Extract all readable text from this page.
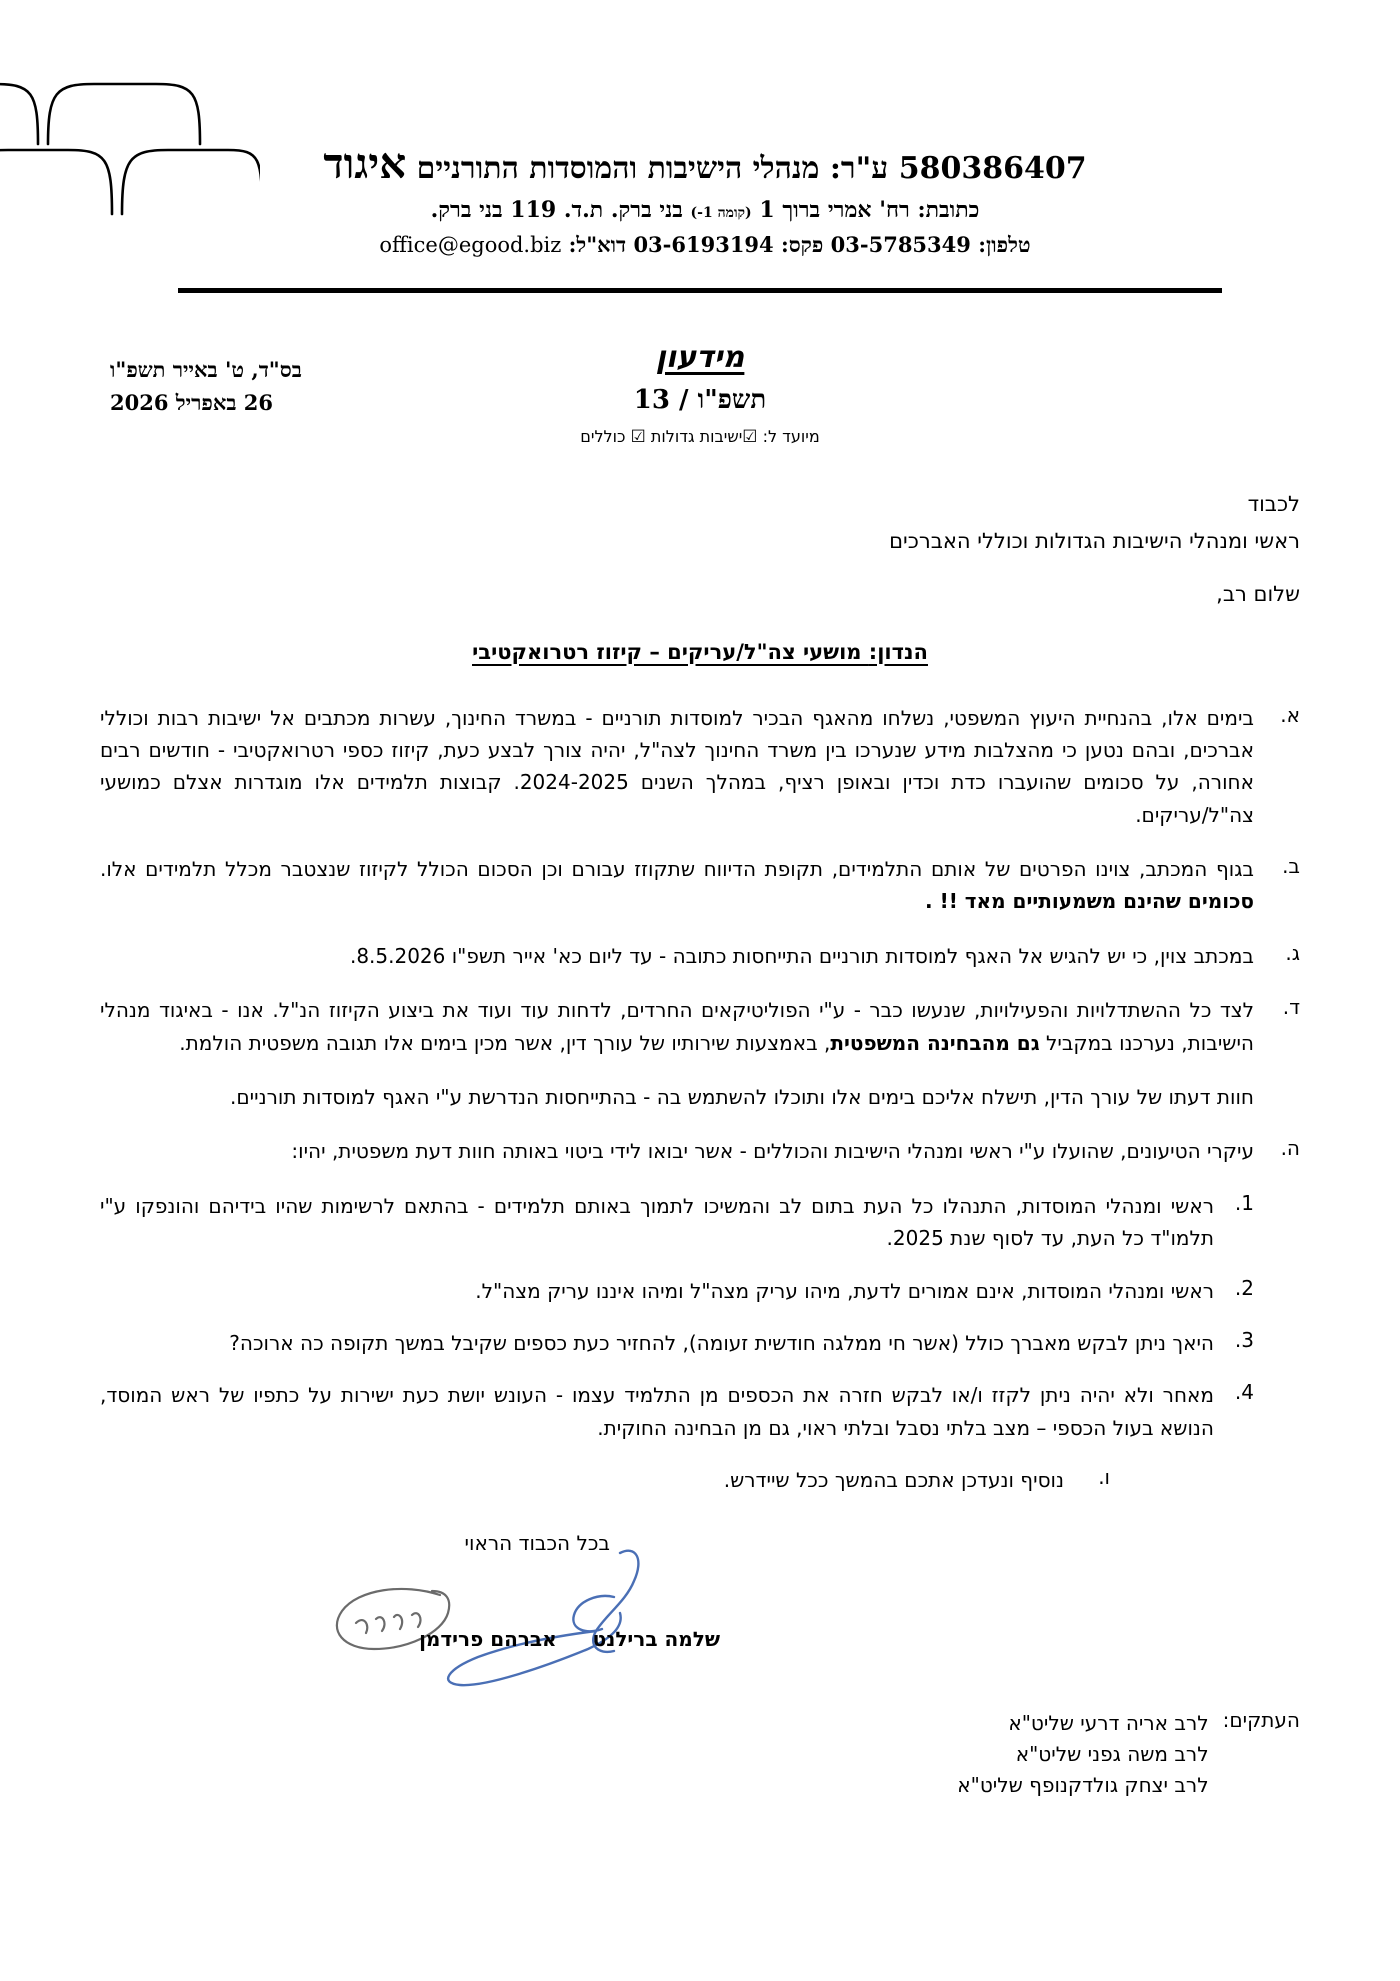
580386407 ע"ר: מנהלי הישיבות והמוסדות התורניים איגוד
כתובת: רח' אמרי ברוך 1 (קומה 1-) בני ברק. ת.ד. 119 בני ברק.
טלפון: 03-5785349 פקס: 03-6193194 דוא"ל: office@egood.biz
בס"ד, ט' באייר תשפ"ו
26 באפריל 2026
מידעון
תשפ"ו / 13
מיועד ל: ☑ישיבות גדולות ☑ כוללים
לכבוד
ראשי ומנהלי הישיבות הגדולות וכוללי האברכים
שלום רב,
הנדון: מושעי צה"ל/עריקים – קיזוז רטרואקטיבי
א.
בימים אלו, בהנחיית היעוץ המשפטי, נשלחו מהאגף הבכיר למוסדות תורניים - במשרד החינוך, עשרות מכתבים אל ישיבות רבות וכוללי אברכים, ובהם נטען כי מהצלבות מידע שנערכו בין משרד החינוך לצה"ל, יהיה צורך לבצע כעת, קיזוז כספי רטרואקטיבי - חודשים רבים אחורה, על סכומים שהועברו כדת וכדין ובאופן רציף, במהלך השנים 2024-2025. קבוצות תלמידים אלו מוגדרות אצלם כמושעי צה"ל/עריקים.
ב.
בגוף המכתב, צוינו הפרטים של אותם התלמידים, תקופת הדיווח שתקוזז עבורם וכן הסכום הכולל לקיזוז שנצטבר מכלל תלמידים אלו. סכומים שהינם משמעותיים מאד !! .
ג.
במכתב צוין, כי יש להגיש אל האגף למוסדות תורניים התייחסות כתובה - עד ליום כא' אייר תשפ"ו 8.5.2026.
ד.
לצד כל ההשתדלויות והפעילויות, שנעשו כבר - ע"י הפוליטיקאים החרדים, לדחות עוד ועוד את ביצוע הקיזוז הנ"ל. אנו - באיגוד מנהלי הישיבות, נערכנו במקביל גם מהבחינה המשפטית, באמצעות שירותיו של עורך דין, אשר מכין בימים אלו תגובה משפטית הולמת.
חוות דעתו של עורך הדין, תישלח אליכם בימים אלו ותוכלו להשתמש בה - בהתייחסות הנדרשת ע"י האגף למוסדות תורניים.
ה.
עיקרי הטיעונים, שהועלו ע"י ראשי ומנהלי הישיבות והכוללים - אשר יבואו לידי ביטוי באותה חוות דעת משפטית, יהיו:
1.
ראשי ומנהלי המוסדות, התנהלו כל העת בתום לב והמשיכו לתמוך באותם תלמידים - בהתאם לרשימות שהיו בידיהם והונפקו ע"י תלמו"ד כל העת, עד לסוף שנת 2025.
2.
ראשי ומנהלי המוסדות, אינם אמורים לדעת, מיהו עריק מצה"ל ומיהו איננו עריק מצה"ל.
3.
היאך ניתן לבקש מאברך כולל (אשר חי ממלגה חודשית זעומה), להחזיר כעת כספים שקיבל במשך תקופה כה ארוכה?
4.
מאחר ולא יהיה ניתן לקזז ו/או לבקש חזרה את הכספים מן התלמיד עצמו - העונש יושת כעת ישירות על כתפיו של ראש המוסד, הנושא בעול הכספי – מצב בלתי נסבל ובלתי ראוי, גם מן הבחינה החוקית.
ו.
נוסיף ונעדכן אתכם בהמשך ככל שיידרש.
בכל הכבוד הראוי
שלמה ברילנט
אברהם פרידמן
העתקים:
לרב אריה דרעי שליט"א
לרב משה גפני שליט"א
לרב יצחק גולדקנופף שליט"א
